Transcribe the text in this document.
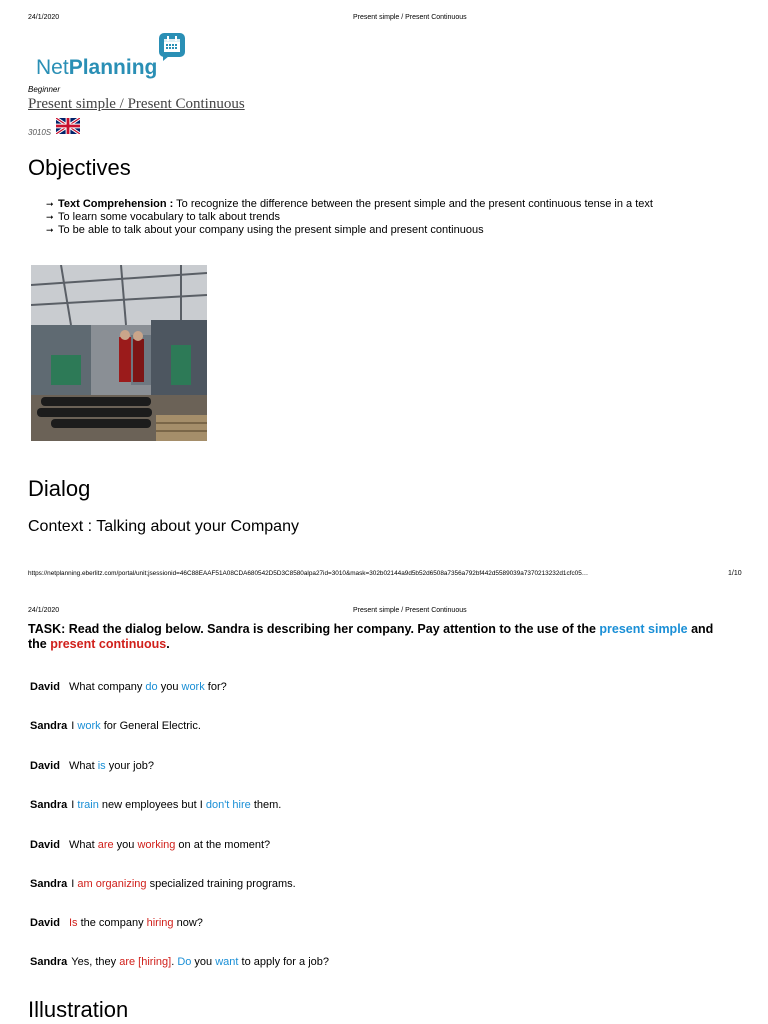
24/1/2020	Present simple / Present Continuous
NetPlanning
Beginner
Present simple / Present Continuous
3010S
Objectives
➞ Text Comprehension : To recognize the difference between the present simple and the present continuous tense in a text
➞ To learn some vocabulary to talk about trends
➞ To be able to talk about your company using the present simple and present continuous
Dialog
Context : Talking about your Company
https://netplanning.eberlitz.com/portal/unit;jsessionid=46C88EAAF51A08CDA680542D5D3C8580alpa27id=3010&mask=302b02144a9d5b52d6508a7356a792bf442d5589039a7370213232d1cfc05…	1/10
24/1/2020	Present simple / Present Continuous
TASK: Read the dialog below. Sandra is describing her company. Pay attention to the use of the present simple and the present continuous.
David What company do you work for?
Sandra I work for General Electric.
David What is your job?
Sandra I train new employees but I don't hire them.
David What are you working on at the moment?
Sandra I am organizing specialized training programs.
David Is the company hiring now?
Sandra Yes, they are [hiring]. Do you want to apply for a job?
Illustration
